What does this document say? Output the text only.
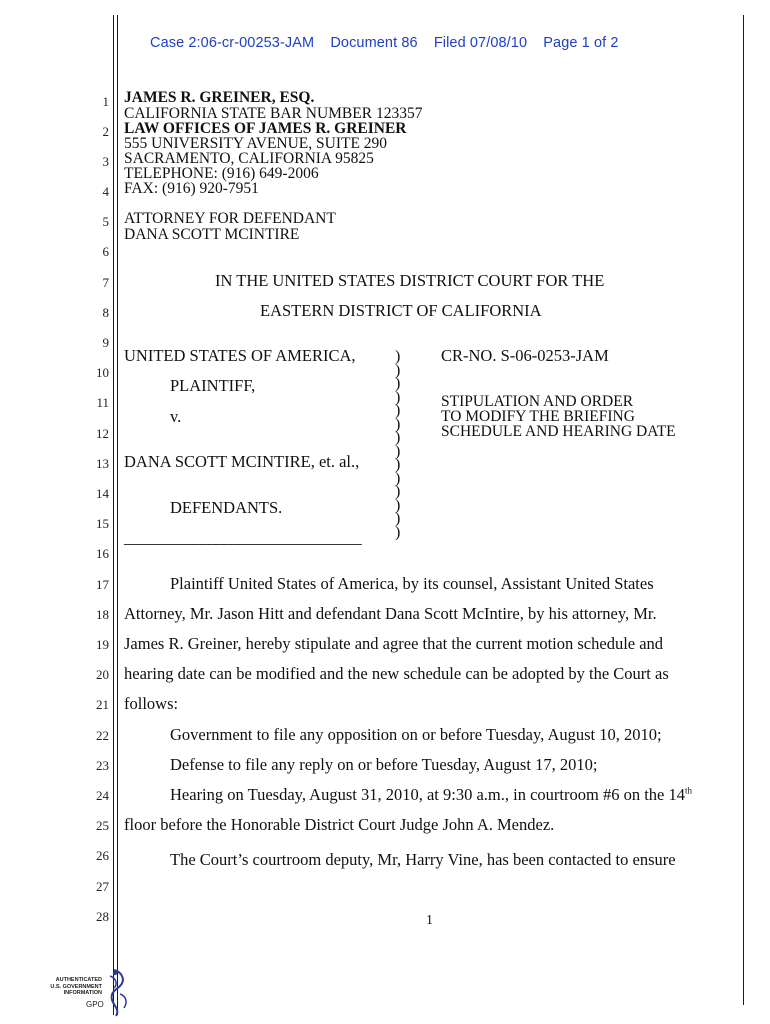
Case 2:06-cr-00253-JAM Document 86 Filed 07/08/10 Page 1 of 2
1
2
3
4
5
6
7
8
9
10
11
12
13
14
15
16
17
18
19
20
21
22
23
24
25
26
27
28
JAMES R. GREINER, ESQ.
CALIFORNIA STATE BAR NUMBER 123357
LAW OFFICES OF JAMES R. GREINER
555 UNIVERSITY AVENUE, SUITE 290
SACRAMENTO, CALIFORNIA 95825
TELEPHONE: (916) 649-2006
FAX: (916) 920-7951
ATTORNEY FOR DEFENDANT
DANA SCOTT MCINTIRE
IN THE UNITED STATES DISTRICT COURT FOR THE
EASTERN DISTRICT OF CALIFORNIA
UNITED STATES OF AMERICA,
PLAINTIFF,
v.
DANA SCOTT MCINTIRE, et. al.,
DEFENDANTS.
_______________________________
)
)
)
)
)
)
)
)
)
)
)
)
)
)
CR-NO. S-06-0253-JAM
STIPULATION AND ORDER
TO MODIFY THE BRIEFING
SCHEDULE AND HEARING DATE
Plaintiff United States of America, by its counsel, Assistant United States
Attorney, Mr. Jason Hitt and defendant Dana Scott McIntire, by his attorney, Mr.
James R. Greiner, hereby stipulate and agree that the current motion schedule and
hearing date can be modified and the new schedule can be adopted by the Court as
follows:
Government to file any opposition on or before Tuesday, August 10, 2010;
Defense to file any reply on or before Tuesday, August 17, 2010;
Hearing on Tuesday, August 31, 2010, at 9:30 a.m., in courtroom #6 on the 14th
floor before the Honorable District Court Judge John A. Mendez.
The Court’s courtroom deputy, Mr, Harry Vine, has been contacted to ensure
1
AUTHENTICATED
U.S. GOVERNMENT
INFORMATION
GPO
